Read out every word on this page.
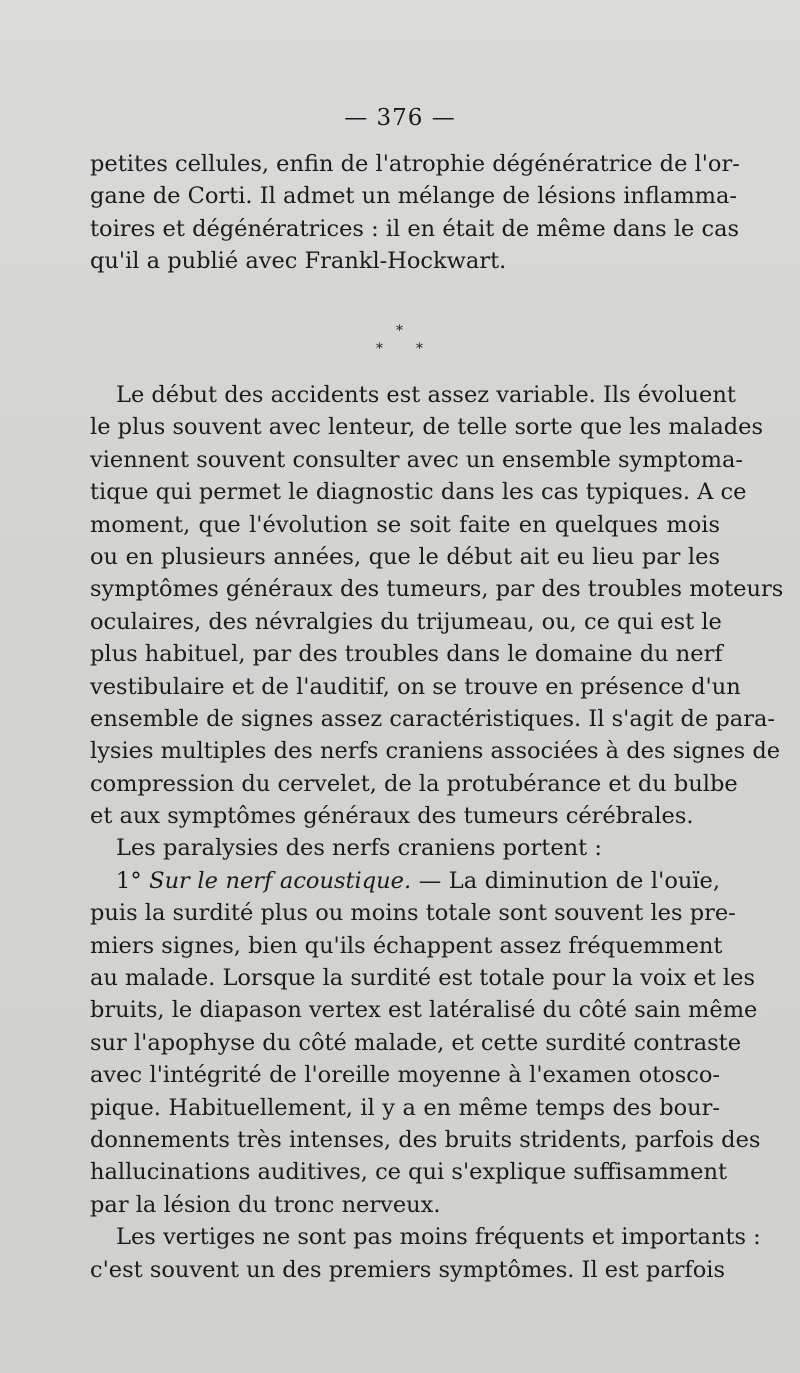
— 376 —
petites cellules, enfin de l'atrophie dégénératrice de l'or-
gane de Corti. Il admet un mélange de lésions inflamma-
toires et dégénératrices : il en était de même dans le cas
qu'il a publié avec Frankl-Hockwart.
*
* *
Le début des accidents est assez variable. Ils évoluent
le plus souvent avec lenteur, de telle sorte que les malades
viennent souvent consulter avec un ensemble symptoma-
tique qui permet le diagnostic dans les cas typiques. A ce
moment, que l'évolution se soit faite en quelques mois
ou en plusieurs années, que le début ait eu lieu par les
symptômes généraux des tumeurs, par des troubles moteurs
oculaires, des névralgies du trijumeau, ou, ce qui est le
plus habituel, par des troubles dans le domaine du nerf
vestibulaire et de l'auditif, on se trouve en présence d'un
ensemble de signes assez caractéristiques. Il s'agit de para-
lysies multiples des nerfs craniens associées à des signes de
compression du cervelet, de la protubérance et du bulbe
et aux symptômes généraux des tumeurs cérébrales.
Les paralysies des nerfs craniens portent :
1° Sur le nerf acoustique. — La diminution de l'ouïe,
puis la surdité plus ou moins totale sont souvent les pre-
miers signes, bien qu'ils échappent assez fréquemment
au malade. Lorsque la surdité est totale pour la voix et les
bruits, le diapason vertex est latéralisé du côté sain même
sur l'apophyse du côté malade, et cette surdité contraste
avec l'intégrité de l'oreille moyenne à l'examen otosco-
pique. Habituellement, il y a en même temps des bour-
donnements très intenses, des bruits stridents, parfois des
hallucinations auditives, ce qui s'explique suffisamment
par la lésion du tronc nerveux.
Les vertiges ne sont pas moins fréquents et importants :
c'est souvent un des premiers symptômes. Il est parfois
